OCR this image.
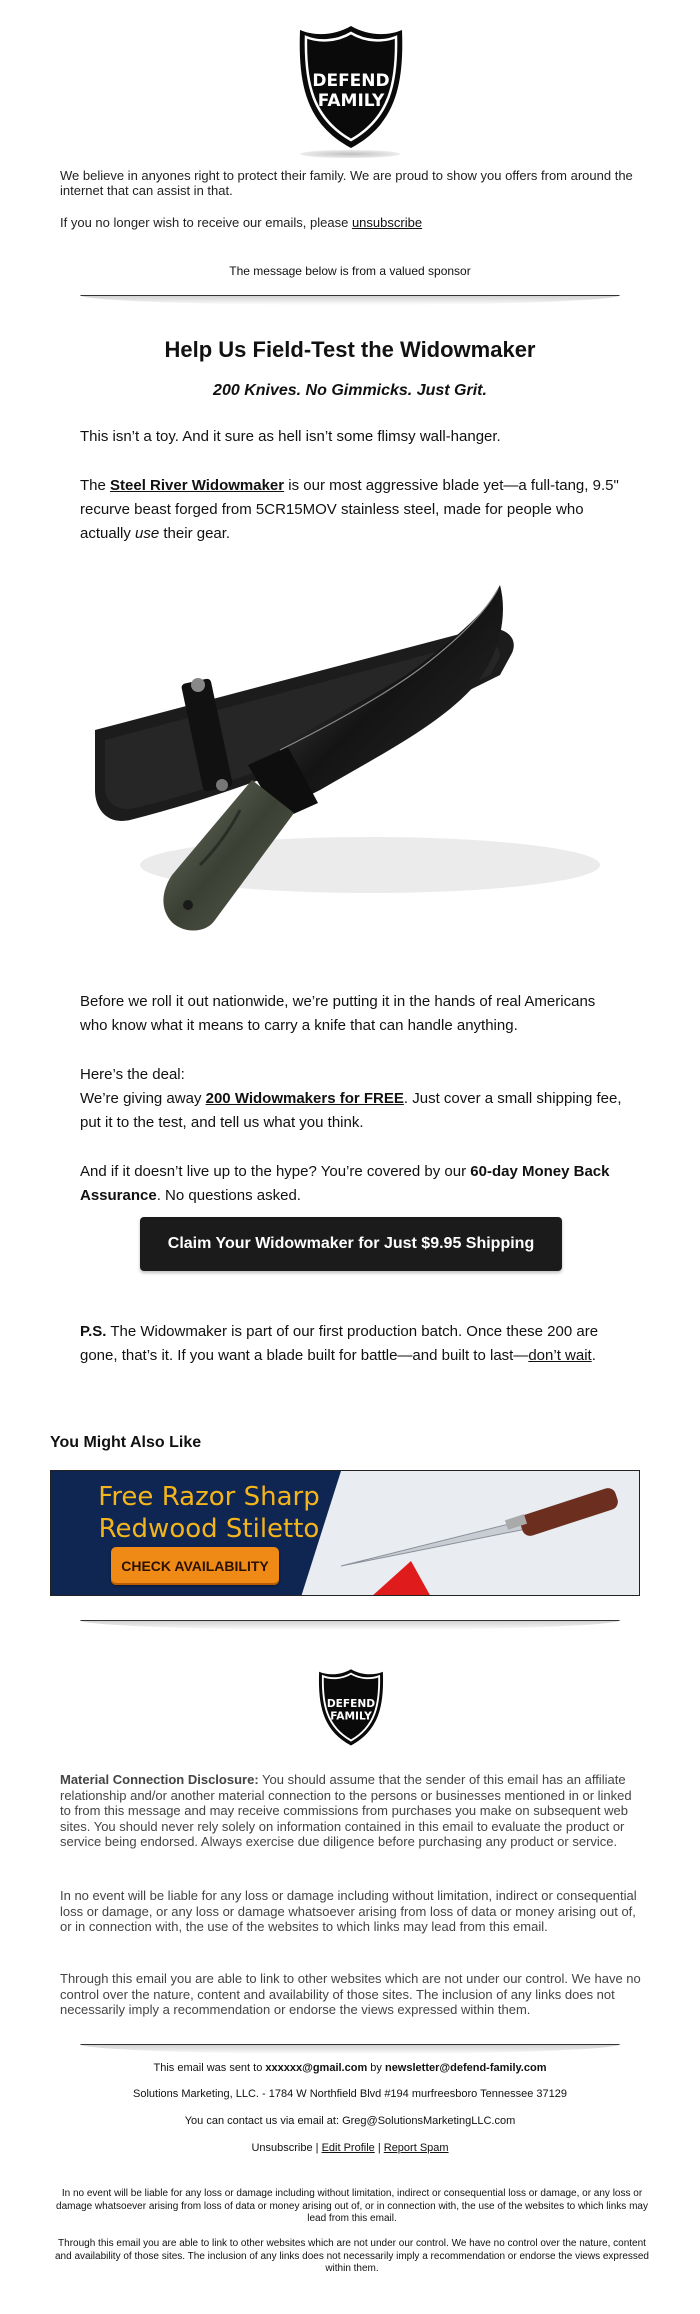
DEFEND
FAMILY
We believe in anyones right to protect their family. We are proud to show you offers from around the internet that can assist in that.
If you no longer wish to receive our emails, please unsubscribe
The message below is from a valued sponsor
Help Us Field-Test the Widowmaker
200 Knives. No Gimmicks. Just Grit.
This isn’t a toy. And it sure as hell isn’t some flimsy wall-hanger.
The Steel River Widowmaker is our most aggressive blade yet—a full-tang, 9.5" recurve beast forged from 5CR15MOV stainless steel, made for people who actually use their gear.
Before we roll it out nationwide, we’re putting it in the hands of real Americans who know what it means to carry a knife that can handle anything.
Here’s the deal:
We’re giving away 200 Widowmakers for FREE. Just cover a small shipping fee, put it to the test, and tell us what you think.
And if it doesn’t live up to the hype? You’re covered by our 60-day Money Back Assurance. No questions asked.
Claim Your Widowmaker for Just $9.95 Shipping
P.S. The Widowmaker is part of our first production batch. Once these 200 are gone, that’s it. If you want a blade built for battle—and built to last—don’t wait.
You Might Also Like
Free Razor Sharp Redwood Stiletto
CHECK AVAILABILITY
DEFEND
FAMILY
Material Connection Disclosure: You should assume that the sender of this email has an affiliate relationship and/or another material connection to the persons or businesses mentioned in or linked to from this message and may receive commissions from purchases you make on subsequent web sites. You should never rely solely on information contained in this email to evaluate the product or service being endorsed. Always exercise due diligence before purchasing any product or service.
In no event will be liable for any loss or damage including without limitation, indirect or consequential loss or damage, or any loss or damage whatsoever arising from loss of data or money arising out of, or in connection with, the use of the websites to which links may lead from this email.
Through this email you are able to link to other websites which are not under our control. We have no control over the nature, content and availability of those sites. The inclusion of any links does not necessarily imply a recommendation or endorse the views expressed within them.
This email was sent to xxxxxx@gmail.com by newsletter@defend-family.com
Solutions Marketing, LLC. - 1784 W Northfield Blvd #194 murfreesboro Tennessee 37129
You can contact us via email at: Greg@SolutionsMarketingLLC.com
Unsubscribe | Edit Profile | Report Spam
In no event will be liable for any loss or damage including without limitation, indirect or consequential loss or damage, or any loss or damage whatsoever arising from loss of data or money arising out of, or in connection with, the use of the websites to which links may lead from this email.
Through this email you are able to link to other websites which are not under our control. We have no control over the nature, content and availability of those sites. The inclusion of any links does not necessarily imply a recommendation or endorse the views expressed within them.
